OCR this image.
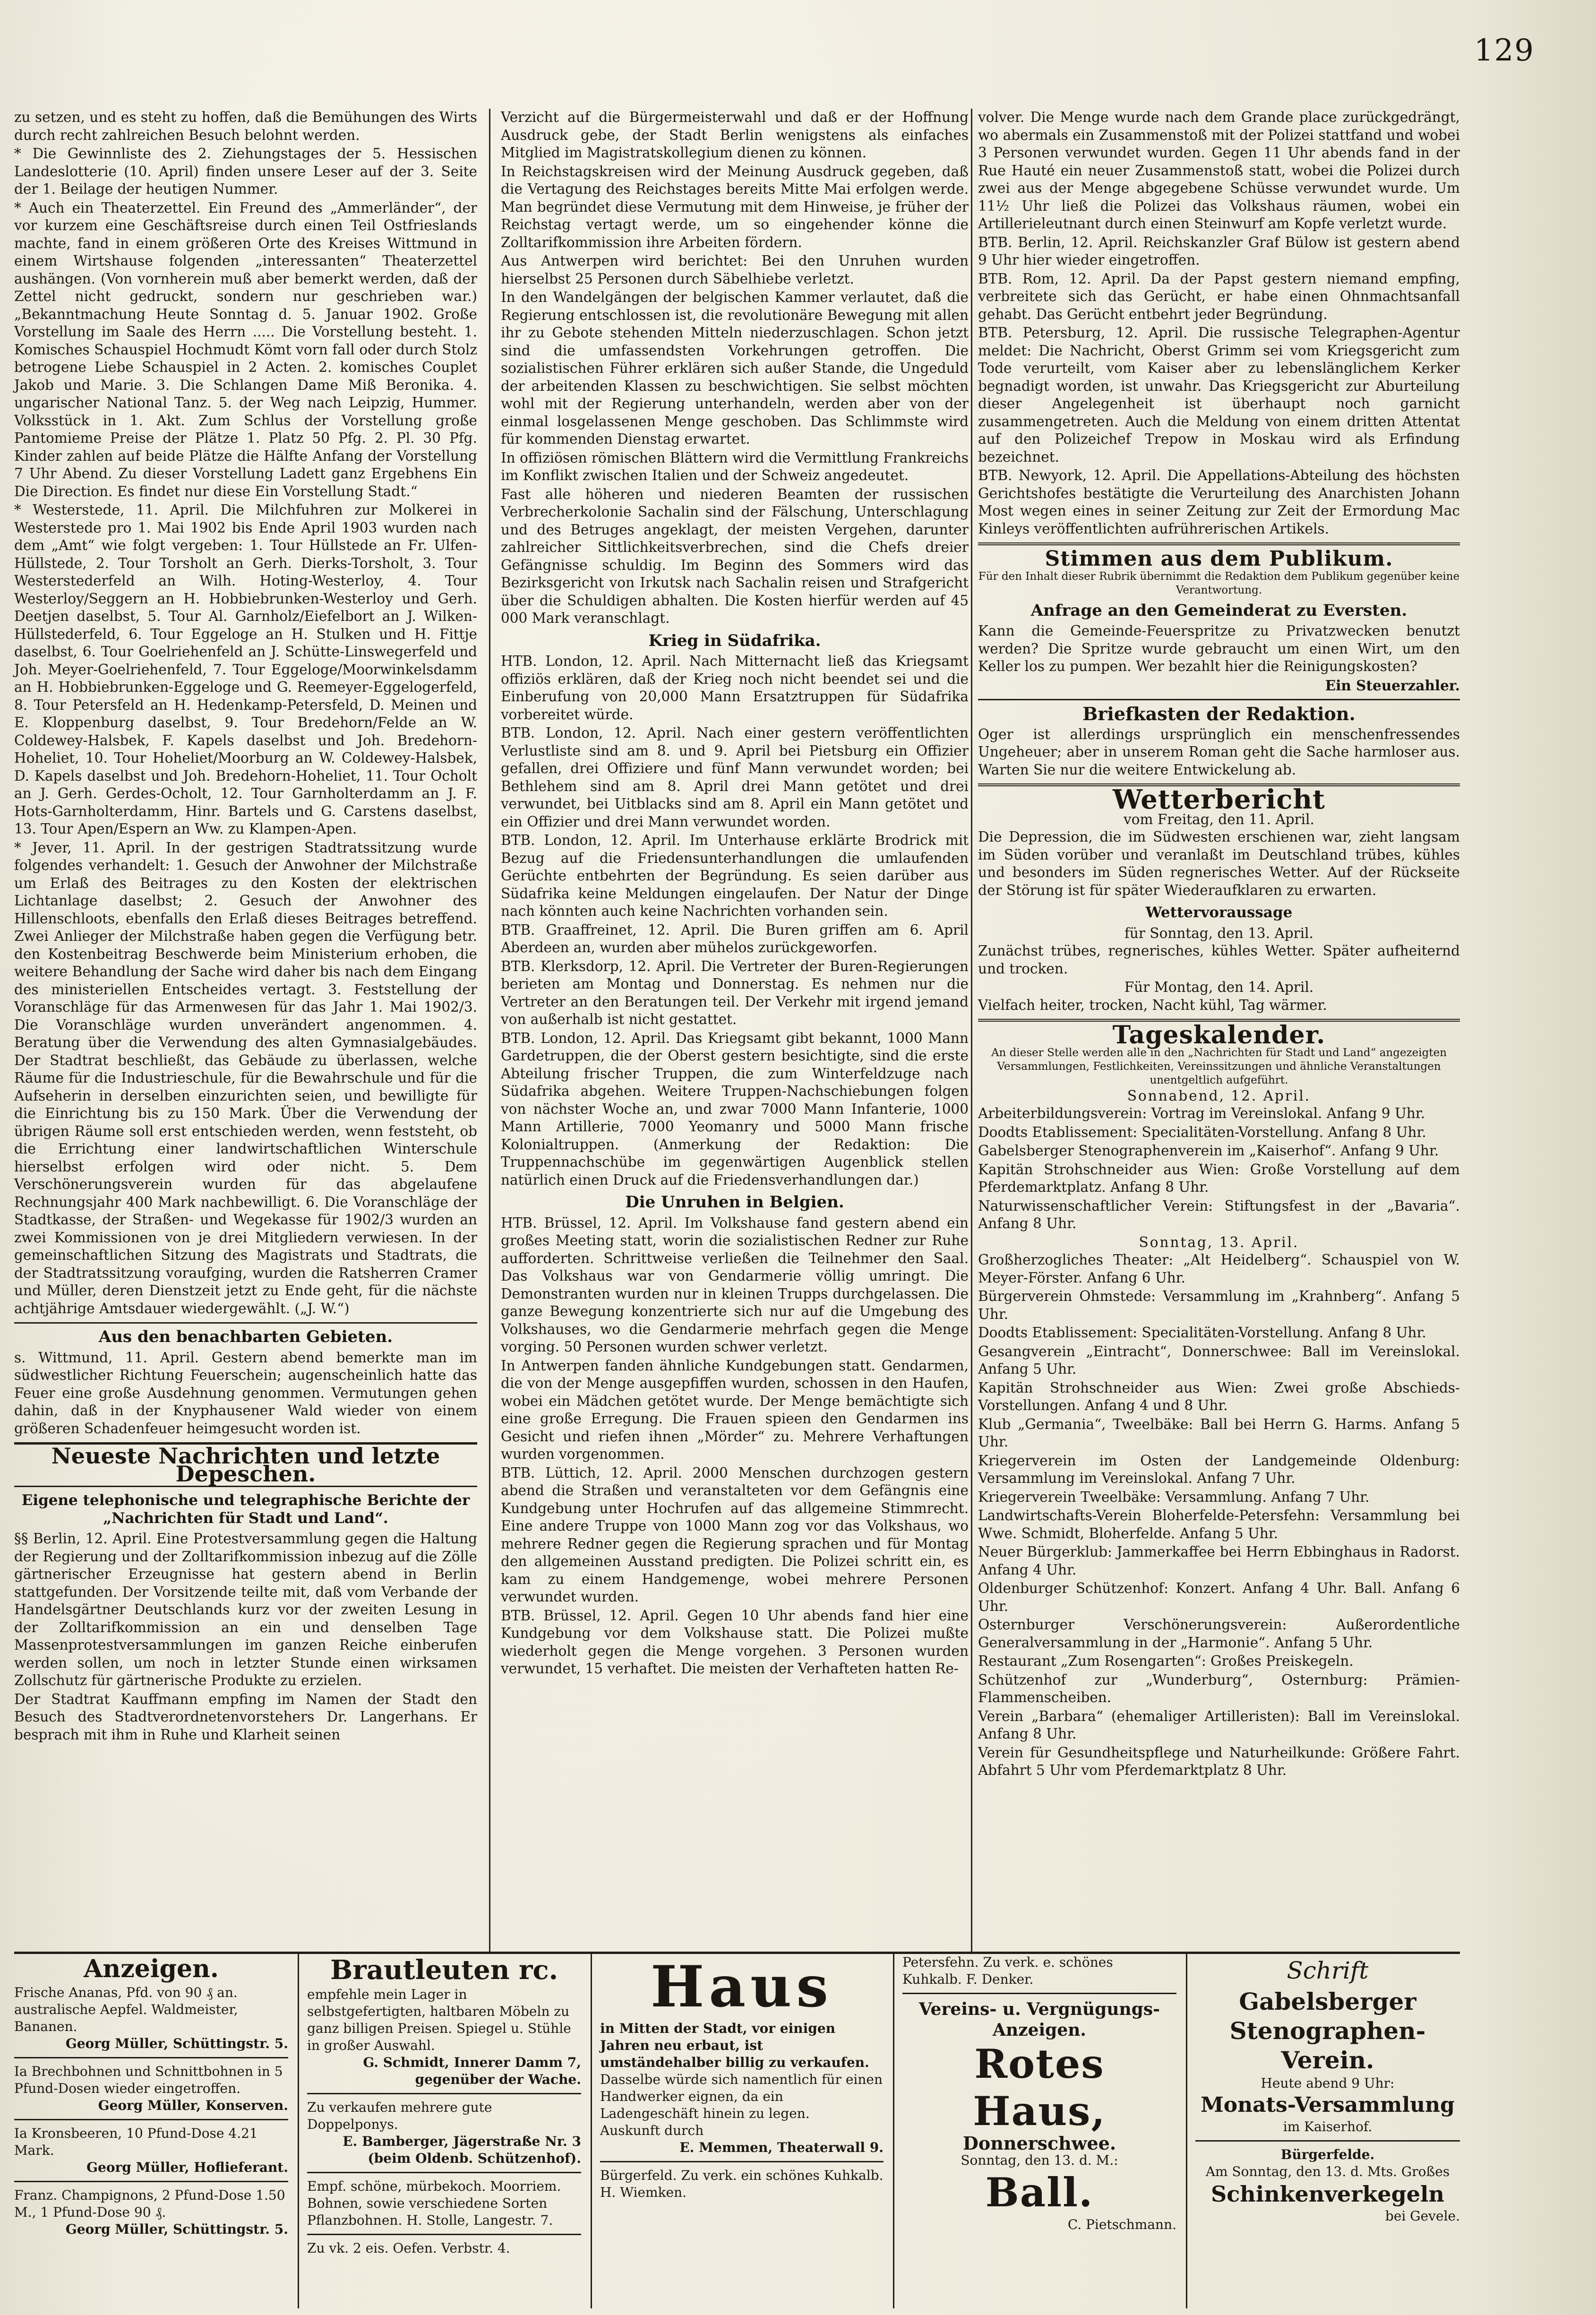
129

zu setzen, und es steht zu hoffen, daß die Bemühungen des Wirts durch recht zahlreichen Besuch belohnt werden.

* Die Gewinnliste des 2. Ziehungstages der 5. Hessischen Landeslotterie (10. April) finden unsere Leser auf der 3. Seite der 1. Beilage der heutigen Nummer.

* Auch ein Theaterzettel. Ein Freund des „Ammerländer“, der vor kurzem eine Geschäftsreise durch einen Teil Ostfrieslands machte, fand in einem größeren Orte des Kreises Wittmund in einem Wirtshause folgenden „interessanten“ Theaterzettel aushängen. (Von vornherein muß aber bemerkt werden, daß der Zettel nicht gedruckt, sondern nur geschrieben war.) „Bekanntmachung Heute Sonntag d. 5. Januar 1902. Große Vorstellung im Saale des Herrn ..... Die Vorstellung besteht. 1. Komisches Schauspiel Hochmudt Kömt vorn fall oder durch Stolz betrogene Liebe Schauspiel in 2 Acten. 2. komisches Couplet Jakob und Marie. 3. Die Schlangen Dame Miß Beronika. 4. ungarischer National Tanz. 5. der Weg nach Leipzig, Hummer. Volksstück in 1. Akt. Zum Schlus der Vorstellung große Pantomieme Preise der Plätze 1. Platz 50 Pfg. 2. Pl. 30 Pfg. Kinder zahlen auf beide Plätze die Hälfte Anfang der Vorstellung 7 Uhr Abend. Zu dieser Vorstellung Ladett ganz Ergebhens Ein Die Direction. Es findet nur diese Ein Vorstellung Stadt.“

* Westerstede, 11. April. Die Milchfuhren zur Molkerei in Westerstede pro 1. Mai 1902 bis Ende April 1903 wurden nach dem „Amt“ wie folgt vergeben: 1. Tour Hüllstede an Fr. Ulfen-Hüllstede, 2. Tour Torsholt an Gerh. Dierks-Torsholt, 3. Tour Westerstederfeld an Wilh. Hoting-Westerloy, 4. Tour Westerloy/Seggern an H. Hobbiebrunken-Westerloy und Gerh. Deetjen daselbst, 5. Tour Al. Garnholz/Eiefelbort an J. Wilken-Hüllstederfeld, 6. Tour Eggeloge an H. Stulken und H. Fittje daselbst, 6. Tour Goelriehenfeld an J. Schütte-Linswegerfeld und Joh. Meyer-Goelriehenfeld, 7. Tour Eggeloge/Moorwinkelsdamm an H. Hobbiebrunken-Eggeloge und G. Reemeyer-Eggelogerfeld, 8. Tour Petersfeld an H. Hedenkamp-Petersfeld, D. Meinen und E. Kloppenburg daselbst, 9. Tour Bredehorn/Felde an W. Coldewey-Halsbek, F. Kapels daselbst und Joh. Bredehorn-Hoheliet, 10. Tour Hoheliet/Moorburg an W. Coldewey-Halsbek, D. Kapels daselbst und Joh. Bredehorn-Hoheliet, 11. Tour Ocholt an J. Gerh. Gerdes-Ocholt, 12. Tour Garnholterdamm an J. F. Hots-Garnholterdamm, Hinr. Bartels und G. Carstens daselbst, 13. Tour Apen/Espern an Ww. zu Klampen-Apen.

* Jever, 11. April. In der gestrigen Stadtratssitzung wurde folgendes verhandelt: 1. Gesuch der Anwohner der Milchstraße um Erlaß des Beitrages zu den Kosten der elektrischen Lichtanlage daselbst; 2. Gesuch der Anwohner des Hillenschloots, ebenfalls den Erlaß dieses Beitrages betreffend. Zwei Anlieger der Milchstraße haben gegen die Verfügung betr. den Kostenbeitrag Beschwerde beim Ministerium erhoben, die weitere Behandlung der Sache wird daher bis nach dem Eingang des ministeriellen Entscheides vertagt. 3. Feststellung der Voranschläge für das Armenwesen für das Jahr 1. Mai 1902/3. Die Voranschläge wurden unverändert angenommen. 4. Beratung über die Verwendung des alten Gymnasialgebäudes. Der Stadtrat beschließt, das Gebäude zu überlassen, welche Räume für die Industrieschule, für die Bewahrschule und für die Aufseherin in derselben einzurichten seien, und bewilligte für die Einrichtung bis zu 150 Mark. Über die Verwendung der übrigen Räume soll erst entschieden werden, wenn feststeht, ob die Errichtung einer landwirtschaftlichen Winterschule hierselbst erfolgen wird oder nicht. 5. Dem Verschönerungsverein wurden für das abgelaufene Rechnungsjahr 400 Mark nachbewilligt. 6. Die Voranschläge der Stadtkasse, der Straßen- und Wegekasse für 1902/3 wurden an zwei Kommissionen von je drei Mitgliedern verwiesen. In der gemeinschaftlichen Sitzung des Magistrats und Stadtrats, die der Stadtratssitzung voraufging, wurden die Ratsherren Cramer und Müller, deren Dienstzeit jetzt zu Ende geht, für die nächste achtjährige Amtsdauer wiedergewählt. („J. W.“)

Aus den benachbarten Gebieten.

s. Wittmund, 11. April. Gestern abend bemerkte man im südwestlicher Richtung Feuerschein; augenscheinlich hatte das Feuer eine große Ausdehnung genommen. Vermutungen gehen dahin, daß in der Knyphausener Wald wieder von einem größeren Schadenfeuer heimgesucht worden ist.

Neueste Nachrichten und letzte Depeschen.
Eigene telephonische und telegraphische Berichte der „Nachrichten für Stadt und Land“.

§§ Berlin, 12. April. Eine Protestversammlung gegen die Haltung der Regierung und der Zolltarifkommission inbezug auf die Zölle gärtnerischer Erzeugnisse hat gestern abend in Berlin stattgefunden. Der Vorsitzende teilte mit, daß vom Verbande der Handelsgärtner Deutschlands kurz vor der zweiten Lesung in der Zolltarifkommission an ein und denselben Tage Massenprotestversammlungen im ganzen Reiche einberufen werden sollen, um noch in letzter Stunde einen wirksamen Zollschutz für gärtnerische Produkte zu erzielen.

Der Stadtrat Kauffmann empfing im Namen der Stadt den Besuch des Stadtverordnetenvorstehers Dr. Langerhans. Er besprach mit ihm in Ruhe und Klarheit seinen

Verzicht auf die Bürgermeisterwahl und daß er der Hoffnung Ausdruck gebe, der Stadt Berlin wenigstens als einfaches Mitglied im Magistratskollegium dienen zu können.

In Reichstagskreisen wird der Meinung Ausdruck gegeben, daß die Vertagung des Reichstages bereits Mitte Mai erfolgen werde. Man begründet diese Vermutung mit dem Hinweise, je früher der Reichstag vertagt werde, um so eingehender könne die Zolltarifkommission ihre Arbeiten fördern.

Aus Antwerpen wird berichtet: Bei den Unruhen wurden hierselbst 25 Personen durch Säbelhiebe verletzt.

In den Wandelgängen der belgischen Kammer verlautet, daß die Regierung entschlossen ist, die revolutionäre Bewegung mit allen ihr zu Gebote stehenden Mitteln niederzuschlagen. Schon jetzt sind die umfassendsten Vorkehrungen getroffen. Die sozialistischen Führer erklären sich außer Stande, die Ungeduld der arbeitenden Klassen zu beschwichtigen. Sie selbst möchten wohl mit der Regierung unterhandeln, werden aber von der einmal losgelassenen Menge geschoben. Das Schlimmste wird für kommenden Dienstag erwartet.

In offiziösen römischen Blättern wird die Vermittlung Frankreichs im Konflikt zwischen Italien und der Schweiz angedeutet.

Fast alle höheren und niederen Beamten der russischen Verbrecherkolonie Sachalin sind der Fälschung, Unterschlagung und des Betruges angeklagt, der meisten Vergehen, darunter zahlreicher Sittlichkeitsverbrechen, sind die Chefs dreier Gefängnisse schuldig. Im Beginn des Sommers wird das Bezirksgericht von Irkutsk nach Sachalin reisen und Strafgericht über die Schuldigen abhalten. Die Kosten hierfür werden auf 45 000 Mark veranschlagt.

Krieg in Südafrika.

HTB. London, 12. April. Nach Mitternacht ließ das Kriegsamt offiziös erklären, daß der Krieg noch nicht beendet sei und die Einberufung von 20,000 Mann Ersatztruppen für Südafrika vorbereitet würde.

BTB. London, 12. April. Nach einer gestern veröffentlichten Verlustliste sind am 8. und 9. April bei Pietsburg ein Offizier gefallen, drei Offiziere und fünf Mann verwundet worden; bei Bethlehem sind am 8. April drei Mann getötet und drei verwundet, bei Uitblacks sind am 8. April ein Mann getötet und ein Offizier und drei Mann verwundet worden.

BTB. London, 12. April. Im Unterhause erklärte Brodrick mit Bezug auf die Friedensunterhandlungen die umlaufenden Gerüchte entbehrten der Begründung. Es seien darüber aus Südafrika keine Meldungen eingelaufen. Der Natur der Dinge nach könnten auch keine Nachrichten vorhanden sein.

BTB. Graaffreinet, 12. April. Die Buren griffen am 6. April Aberdeen an, wurden aber mühelos zurückgeworfen.

BTB. Klerksdorp, 12. April. Die Vertreter der Buren-Regierungen berieten am Montag und Donnerstag. Es nehmen nur die Vertreter an den Beratungen teil. Der Verkehr mit irgend jemand von außerhalb ist nicht gestattet.

BTB. London, 12. April. Das Kriegsamt gibt bekannt, 1000 Mann Gardetruppen, die der Oberst gestern besichtigte, sind die erste Abteilung frischer Truppen, die zum Winterfeldzuge nach Südafrika abgehen. Weitere Truppen-Nachschiebungen folgen von nächster Woche an, und zwar 7000 Mann Infanterie, 1000 Mann Artillerie, 7000 Yeomanry und 5000 Mann frische Kolonialtruppen. (Anmerkung der Redaktion: Die Truppennachschübe im gegenwärtigen Augenblick stellen natürlich einen Druck auf die Friedensverhandlungen dar.)

Die Unruhen in Belgien.

HTB. Brüssel, 12. April. Im Volkshause fand gestern abend ein großes Meeting statt, worin die sozialistischen Redner zur Ruhe aufforderten. Schrittweise verließen die Teilnehmer den Saal. Das Volkshaus war von Gendarmerie völlig umringt. Die Demonstranten wurden nur in kleinen Trupps durchgelassen. Die ganze Bewegung konzentrierte sich nur auf die Umgebung des Volkshauses, wo die Gendarmerie mehrfach gegen die Menge vorging. 50 Personen wurden schwer verletzt.

In Antwerpen fanden ähnliche Kundgebungen statt. Gendarmen, die von der Menge ausgepfiffen wurden, schossen in den Haufen, wobei ein Mädchen getötet wurde. Der Menge bemächtigte sich eine große Erregung. Die Frauen spieen den Gendarmen ins Gesicht und riefen ihnen „Mörder“ zu. Mehrere Verhaftungen wurden vorgenommen.

BTB. Lüttich, 12. April. 2000 Menschen durchzogen gestern abend die Straßen und veranstalteten vor dem Gefängnis eine Kundgebung unter Hochrufen auf das allgemeine Stimmrecht. Eine andere Truppe von 1000 Mann zog vor das Volkshaus, wo mehrere Redner gegen die Regierung sprachen und für Montag den allgemeinen Ausstand predigten. Die Polizei schritt ein, es kam zu einem Handgemenge, wobei mehrere Personen verwundet wurden.

BTB. Brüssel, 12. April. Gegen 10 Uhr abends fand hier eine Kundgebung vor dem Volkshause statt. Die Polizei mußte wiederholt gegen die Menge vorgehen. 3 Personen wurden verwundet, 15 verhaftet. Die meisten der Verhafteten hatten Re-

volver. Die Menge wurde nach dem Grande place zurückgedrängt, wo abermals ein Zusammenstoß mit der Polizei stattfand und wobei 3 Personen verwundet wurden. Gegen 11 Uhr abends fand in der Rue Hauté ein neuer Zusammenstoß statt, wobei die Polizei durch zwei aus der Menge abgegebene Schüsse verwundet wurde. Um 11½ Uhr ließ die Polizei das Volkshaus räumen, wobei ein Artillerieleutnant durch einen Steinwurf am Kopfe verletzt wurde.

BTB. Berlin, 12. April. Reichskanzler Graf Bülow ist gestern abend 9 Uhr hier wieder eingetroffen.

BTB. Rom, 12. April. Da der Papst gestern niemand empfing, verbreitete sich das Gerücht, er habe einen Ohnmachtsanfall gehabt. Das Gerücht entbehrt jeder Begründung.

BTB. Petersburg, 12. April. Die russische Telegraphen-Agentur meldet: Die Nachricht, Oberst Grimm sei vom Kriegsgericht zum Tode verurteilt, vom Kaiser aber zu lebenslänglichem Kerker begnadigt worden, ist unwahr. Das Kriegsgericht zur Aburteilung dieser Angelegenheit ist überhaupt noch garnicht zusammengetreten. Auch die Meldung von einem dritten Attentat auf den Polizeichef Trepow in Moskau wird als Erfindung bezeichnet.

BTB. Newyork, 12. April. Die Appellations-Abteilung des höchsten Gerichtshofes bestätigte die Verurteilung des Anarchisten Johann Most wegen eines in seiner Zeitung zur Zeit der Ermordung Mac Kinleys veröffentlichten aufrührerischen Artikels.

Stimmen aus dem Publikum.
Für den Inhalt dieser Rubrik übernimmt die Redaktion dem Publikum gegenüber keine Verantwortung.
Anfrage an den Gemeinderat zu Eversten.

Kann die Gemeinde-Feuerspritze zu Privatzwecken benutzt werden? Die Spritze wurde gebraucht um einen Wirt, um den Keller los zu pumpen. Wer bezahlt hier die Reinigungskosten?

Ein Steuerzahler.

Briefkasten der Redaktion.

Oger ist allerdings ursprünglich ein menschenfressendes Ungeheuer; aber in unserem Roman geht die Sache harmloser aus. Warten Sie nur die weitere Entwickelung ab.

Wetterbericht
vom Freitag, den 11. April.

Die Depression, die im Südwesten erschienen war, zieht langsam im Süden vorüber und veranlaßt im Deutschland trübes, kühles und besonders im Süden regnerisches Wetter. Auf der Rückseite der Störung ist für später Wiederaufklaren zu erwarten.

Wettervoraussage
für Sonntag, den 13. April.

Zunächst trübes, regnerisches, kühles Wetter. Später aufheiternd und trocken.

Für Montag, den 14. April.

Vielfach heiter, trocken, Nacht kühl, Tag wärmer.

Tageskalender.
An dieser Stelle werden alle in den „Nachrichten für Stadt und Land“ angezeigten Versammlungen, Festlichkeiten, Vereinssitzungen und ähnliche Veranstaltungen unentgeltlich aufgeführt.
Sonnabend, 12. April.

Arbeiterbildungsverein: Vortrag im Vereinslokal. Anfang 9 Uhr.

Doodts Etablissement: Specialitäten-Vorstellung. Anfang 8 Uhr.

Gabelsberger Stenographenverein im „Kaiserhof“. Anfang 9 Uhr.

Kapitän Strohschneider aus Wien: Große Vorstellung auf dem Pferdemarktplatz. Anfang 8 Uhr.

Naturwissenschaftlicher Verein: Stiftungsfest in der „Bavaria“. Anfang 8 Uhr.

Sonntag, 13. April.

Großherzogliches Theater: „Alt Heidelberg“. Schauspiel von W. Meyer-Förster. Anfang 6 Uhr.

Bürgerverein Ohmstede: Versammlung im „Krahnberg“. Anfang 5 Uhr.

Doodts Etablissement: Specialitäten-Vorstellung. Anfang 8 Uhr.

Gesangverein „Eintracht“, Donnerschwee: Ball im Vereinslokal. Anfang 5 Uhr.

Kapitän Strohschneider aus Wien: Zwei große Abschieds-Vorstellungen. Anfang 4 und 8 Uhr.

Klub „Germania“, Tweelbäke: Ball bei Herrn G. Harms. Anfang 5 Uhr.

Kriegerverein im Osten der Landgemeinde Oldenburg: Versammlung im Vereinslokal. Anfang 7 Uhr.

Kriegerverein Tweelbäke: Versammlung. Anfang 7 Uhr.

Landwirtschafts-Verein Bloherfelde-Petersfehn: Versammlung bei Wwe. Schmidt, Bloherfelde. Anfang 5 Uhr.

Neuer Bürgerklub: Jammerkaffee bei Herrn Ebbinghaus in Radorst. Anfang 4 Uhr.

Oldenburger Schützenhof: Konzert. Anfang 4 Uhr. Ball. Anfang 6 Uhr.

Osternburger Verschönerungsverein: Außerordentliche Generalversammlung in der „Harmonie“. Anfang 5 Uhr.

Restaurant „Zum Rosengarten“: Großes Preiskegeln.

Schützenhof zur „Wunderburg“, Osternburg: Prämien-Flammenscheiben.

Verein „Barbara“ (ehemaliger Artilleristen): Ball im Vereinslokal. Anfang 8 Uhr.

Verein für Gesundheitspflege und Naturheilkunde: Größere Fahrt. Abfahrt 5 Uhr vom Pferdemarktplatz 8 Uhr.

Anzeigen.

Frische Ananas, Pfd. von 90 ₰ an. australische Aepfel. Waldmeister, Bananen.

Georg Müller, Schüttingstr. 5.

Ia Brechbohnen und Schnittbohnen in 5 Pfund-Dosen wieder eingetroffen.

Georg Müller, Konserven.

Ia Kronsbeeren, 10 Pfund-Dose 4.21 Mark.

Georg Müller, Hoflieferant.

Franz. Champignons, 2 Pfund-Dose 1.50 M., 1 Pfund-Dose 90 ₰.

Georg Müller, Schüttingstr. 5.

Brautleuten rc.

empfehle mein Lager in selbstgefertigten, haltbaren Möbeln zu ganz billigen Preisen. Spiegel u. Stühle in großer Auswahl.

G. Schmidt, Innerer Damm 7, gegenüber der Wache.

Zu verkaufen mehrere gute Doppelponys.

E. Bamberger, Jägerstraße Nr. 3 (beim Oldenb. Schützenhof).

Empf. schöne, mürbekoch. Moorriem. Bohnen, sowie verschiedene Sorten Pflanzbohnen. H. Stolle, Langestr. 7.

Zu vk. 2 eis. Oefen. Verbstr. 4.

Haus

in Mitten der Stadt, vor einigen Jahren neu erbaut, ist umständehalber billig zu verkaufen.

Dasselbe würde sich namentlich für einen Handwerker eignen, da ein Ladengeschäft hinein zu legen.

Auskunft durch

E. Memmen, Theaterwall 9.

Bürgerfeld. Zu verk. ein schönes Kuhkalb. H. Wiemken.

Petersfehn. Zu verk. e. schönes Kuhkalb. F. Denker.

Vereins- u. Vergnügungs-Anzeigen.

Rotes Haus,

Donnerschwee.

Sonntag, den 13. d. M.:

Ball.

C. Pietschmann.

Schrift

Gabelsberger Stenographen-Verein.

Heute abend 9 Uhr:

Monats-Versammlung

im Kaiserhof.

Bürgerfelde.

Am Sonntag, den 13. d. Mts. Großes

Schinkenverkegeln

bei Gevele.
